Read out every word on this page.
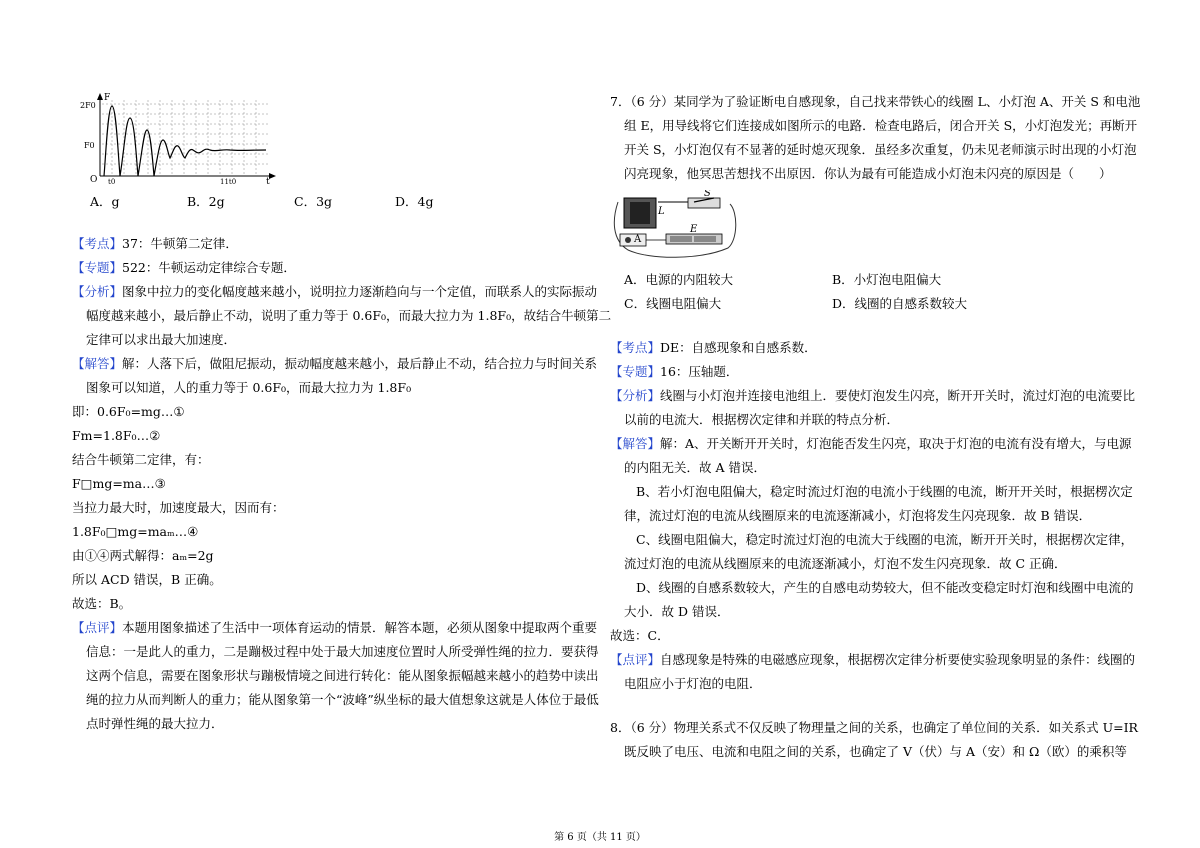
F
2F0
F0
O t0	11t0	t
A．g	B．2g	C．3g	D．4g
【考点】37：牛顿第二定律．
【专题】522：牛顿运动定律综合专题．
【分析】图象中拉力的变化幅度越来越小，说明拉力逐渐趋向与一个定值，而联系人的实际振动
幅度越来越小，最后静止不动，说明了重力等于 0.6F₀，而最大拉力为 1.8F₀，故结合牛顿第二
定律可以求出最大加速度．
【解答】解：人落下后，做阻尼振动，振动幅度越来越小，最后静止不动，结合拉力与时间关系
图象可以知道，人的重力等于 0.6F₀，而最大拉力为 1.8F₀
即：0.6F₀=mg…①
Fm=1.8F₀…②
结合牛顿第二定律，有：
F□mg=ma…③
当拉力最大时，加速度最大，因而有：
1.8F₀□mg=maₘ…④
由①④两式解得：aₘ=2g
所以 ACD 错误，B 正确。
故选：B。
【点评】本题用图象描述了生活中一项体育运动的情景．解答本题，必须从图象中提取两个重要
信息：一是此人的重力，二是蹦极过程中处于最大加速度位置时人所受弹性绳的拉力．要获得
这两个信息，需要在图象形状与蹦极情境之间进行转化：能从图象振幅越来越小的趋势中读出
绳的拉力从而判断人的重力；能从图象第一个“波峰”纵坐标的最大值想象这就是人体位于最低
点时弹性绳的最大拉力．
7．（6 分）某同学为了验证断电自感现象，自己找来带铁心的线圈 L、小灯泡 A、开关 S 和电池
组 E，用导线将它们连接成如图所示的电路．检查电路后，闭合开关 S，小灯泡发光；再断开
开关 S，小灯泡仅有不显著的延时熄灭现象．虽经多次重复，仍未见老师演示时出现的小灯泡
闪亮现象，他冥思苦想找不出原因．你认为最有可能造成小灯泡未闪亮的原因是（　　）
L
S
A
E
A．电源的内阻较大	B．小灯泡电阻偏大
C．线圈电阻偏大	D．线圈的自感系数较大
【考点】DE：自感现象和自感系数．
【专题】16：压轴题．
【分析】线圈与小灯泡并连接电池组上．要使灯泡发生闪亮，断开开关时，流过灯泡的电流要比
以前的电流大．根据楞次定律和并联的特点分析．
【解答】解：A、开关断开开关时，灯泡能否发生闪亮，取决于灯泡的电流有没有增大，与电源
的内阻无关．故 A 错误．
B、若小灯泡电阻偏大，稳定时流过灯泡的电流小于线圈的电流，断开开关时，根据楞次定
律，流过灯泡的电流从线圈原来的电流逐渐减小，灯泡将发生闪亮现象．故 B 错误．
C、线圈电阻偏大，稳定时流过灯泡的电流大于线圈的电流，断开开关时，根据楞次定律，
流过灯泡的电流从线圈原来的电流逐渐减小，灯泡不发生闪亮现象．故 C 正确．
D、线圈的自感系数较大，产生的自感电动势较大，但不能改变稳定时灯泡和线圈中电流的
大小．故 D 错误．
故选：C．
【点评】自感现象是特殊的电磁感应现象，根据楞次定律分析要使实验现象明显的条件：线圈的
电阻应小于灯泡的电阻．
8．（6 分）物理关系式不仅反映了物理量之间的关系，也确定了单位间的关系．如关系式 U=IR
既反映了电压、电流和电阻之间的关系，也确定了 V（伏）与 A（安）和 Ω（欧）的乘积等
第 6 页（共 11 页）
